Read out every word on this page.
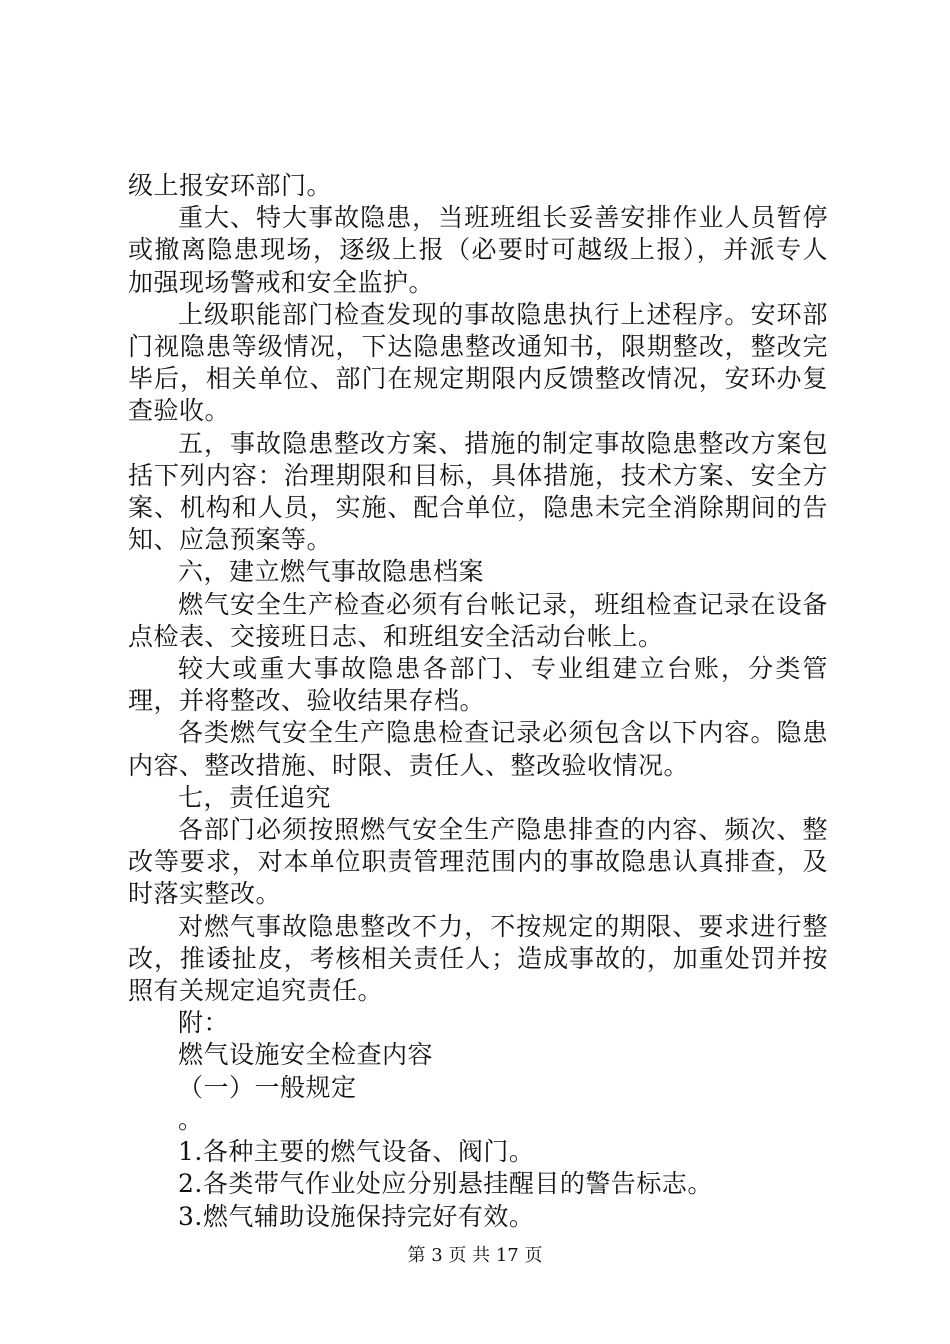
级上报安环部门。

重大、特大事故隐患，当班班组长妥善安排作业人员暂停或撤离隐患现场，逐级上报（必要时可越级上报），并派专人加强现场警戒和安全监护。

上级职能部门检查发现的事故隐患执行上述程序。安环部门视隐患等级情况，下达隐患整改通知书，限期整改，整改完毕后，相关单位、部门在规定期限内反馈整改情况，安环办复查验收。

五，事故隐患整改方案、措施的制定事故隐患整改方案包括下列内容：治理期限和目标，具体措施，技术方案、安全方案、机构和人员，实施、配合单位，隐患未完全消除期间的告知、应急预案等。

六，建立燃气事故隐患档案

燃气安全生产检查必须有台帐记录，班组检查记录在设备点检表、交接班日志、和班组安全活动台帐上。

较大或重大事故隐患各部门、专业组建立台账，分类管理，并将整改、验收结果存档。

各类燃气安全生产隐患检查记录必须包含以下内容。隐患内容、整改措施、时限、责任人、整改验收情况。

七，责任追究

各部门必须按照燃气安全生产隐患排查的内容、频次、整改等要求，对本单位职责管理范围内的事故隐患认真排查，及时落实整改。

对燃气事故隐患整改不力，不按规定的期限、要求进行整改，推诿扯皮，考核相关责任人；造成事故的，加重处罚并按照有关规定追究责任。

附：

燃气设施安全检查内容

（一）一般规定

。

1.各种主要的燃气设备、阀门。

2.各类带气作业处应分别悬挂醒目的警告标志。

3.燃气辅助设施保持完好有效。

第 3 页 共 17 页
